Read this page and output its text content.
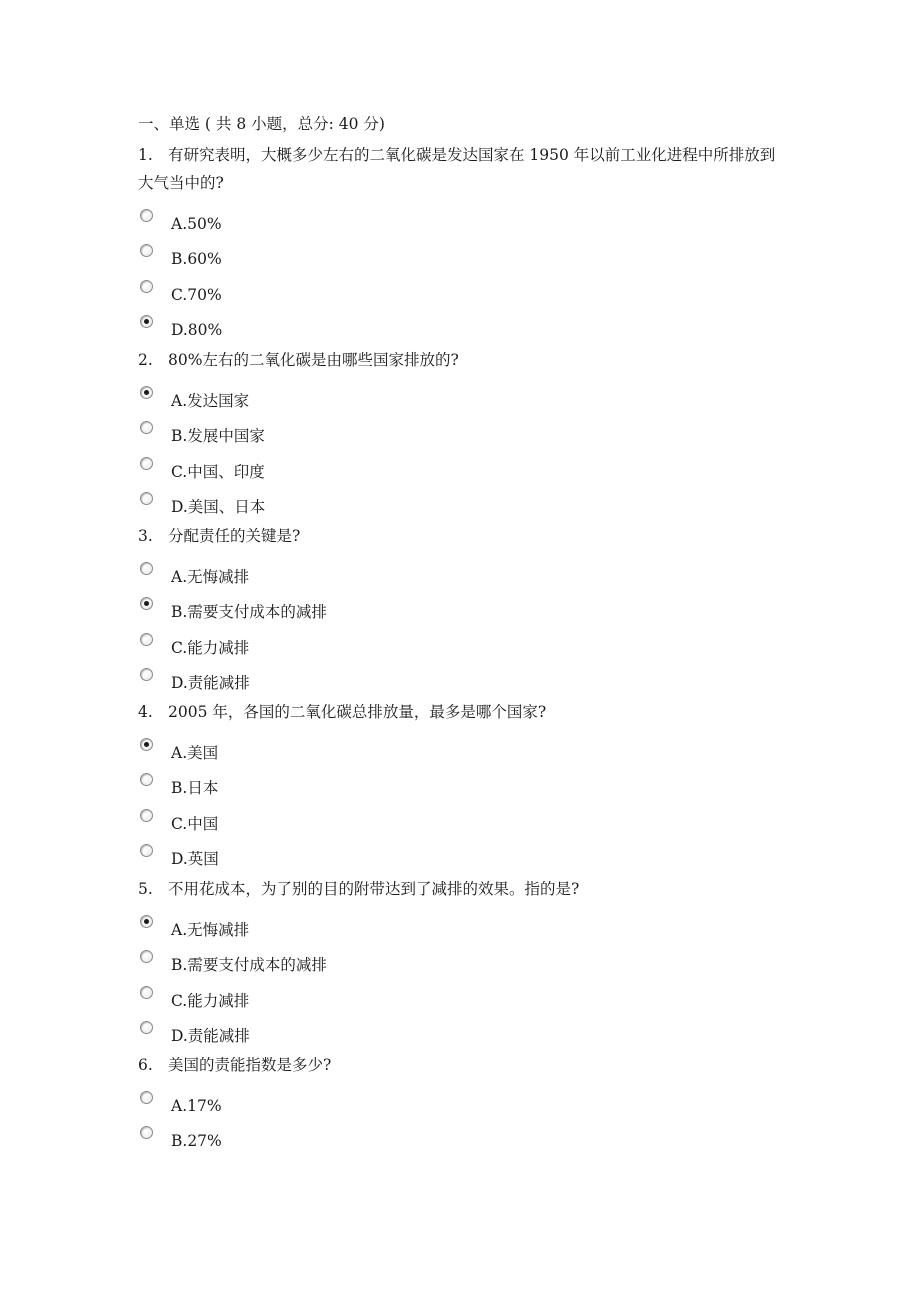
一、单选 ( 共 8 小题，总分: 40 分)
1. 有研究表明，大概多少左右的二氧化碳是发达国家在 1950 年以前工业化进程中所排放到大气当中的?
A.50%
B.60%
C.70%
D.80%
2. 80%左右的二氧化碳是由哪些国家排放的?
A.发达国家
B.发展中国家
C.中国、印度
D.美国、日本
3. 分配责任的关键是?
A.无悔减排
B.需要支付成本的减排
C.能力减排
D.责能减排
4. 2005 年，各国的二氧化碳总排放量，最多是哪个国家?
A.美国
B.日本
C.中国
D.英国
5. 不用花成本，为了别的目的附带达到了减排的效果。指的是?
A.无悔减排
B.需要支付成本的减排
C.能力减排
D.责能减排
6. 美国的责能指数是多少?
A.17%
B.27%
